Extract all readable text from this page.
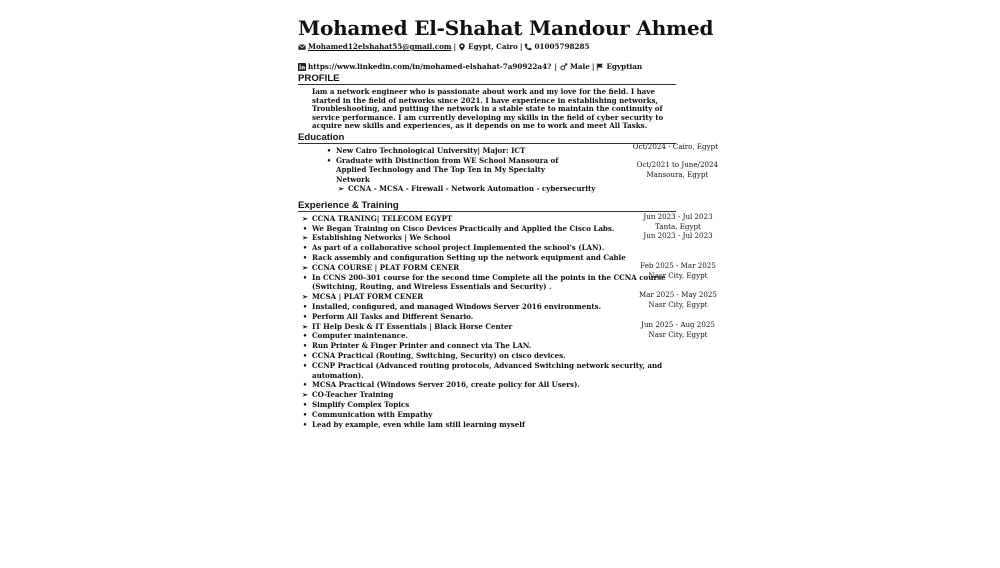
Mohamed El-Shahat Mandour Ahmed
Mohamed12elshahat55@gmail.com | Egypt, Cairo | 01005798285
https://www.linkedin.com/in/mohamed-elshahat-7a90922a4? | Male | Egyptian
PROFILE
Iam a network engineer who is passionate about work and my love for the field. I have started in the field of networks since 2021. I have experience in establishing networks, Troubleshooting, and putting the network in a stable state to maintain the continuity of service performance. I am currently developing my skills in the field of cyber security to acquire new skills and experiences, as it depends on me to work and meet All Tasks.
Education
• New Cairo Technological University| Major: ICT	Oct/2024 - Cairo, Egypt
• Graduate with Distinction from WE School Mansoura of Applied Technology and The Top Ten in My Specialty Network
Oct/2021 to June/2024
Mansoura, Egypt
➢ CCNA - MCSA - Firewall - Network Automation - cybersecurity
Experience & Training
➢ CCNA TRANING| TELECOM EGYPT	Jun 2023 - Jul 2023
Tanta, Egypt
• We Began Training on Cisco Devices Practically and Applied the Cisco Labs.
➢ Establishing Networks | We School	Jun 2023 - Jul 2023
• As part of a collaborative school project Implemented the school's (LAN).
• Rack assembly and configuration Setting up the network equipment and Cable
➢ CCNA COURSE | PLAT FORM CENER	Feb 2025 - Mar 2025
Nasr City, Egypt
• In CCNS 200-301 course for the second time Complete all the points in the CCNA course (Switching, Routing, and Wireless Essentials and Security) .
➢ MCSA | PLAT FORM CENER	Mar 2025 - May 2025
Nasr City, Egypt
• Installed, configured, and managed Windows Server 2016 environments.
• Perform All Tasks and Different Senario.
➢ IT Help Desk & IT Essentials | Black Horse Center	Jun 2025 - Aug 2025
Nasr City, Egypt
• Computer maintenance.
• Run Printer & Finger Printer and connect via The LAN.
• CCNA Practical (Routing, Switching, Security) on cisco devices.
• CCNP Practical (Advanced routing protocols, Advanced Switching network security, and automation).
• MCSA Practical (Windows Server 2016, create policy for All Users).
➢ CO-Teacher Training
• Simplify Complex Topics
• Communication with Empathy
• Lead by example, even while Iam still learning myself
